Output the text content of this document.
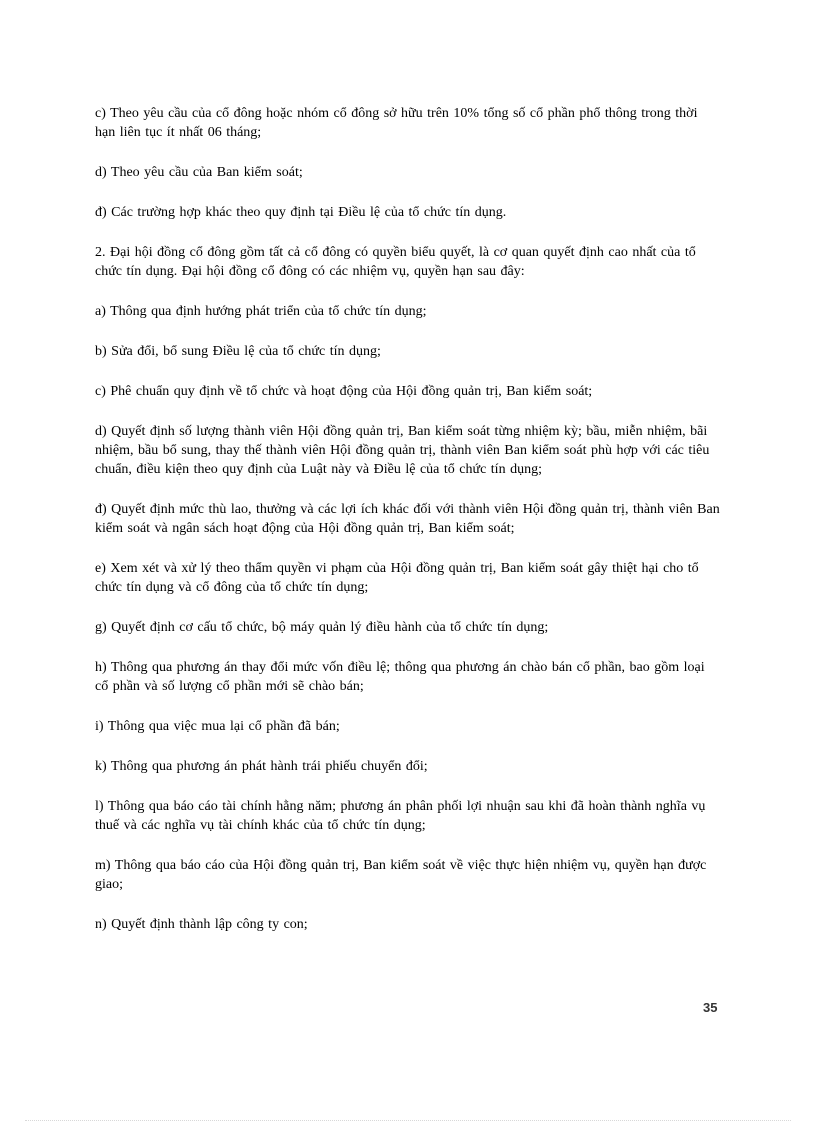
c) Theo yêu cầu của cổ đông hoặc nhóm cổ đông sở hữu trên 10% tổng số cổ phần phổ thông trong thời hạn liên tục ít nhất 06 tháng;

d) Theo yêu cầu của Ban kiểm soát;

đ) Các trường hợp khác theo quy định tại Điều lệ của tổ chức tín dụng.

2. Đại hội đồng cổ đông gồm tất cả cổ đông có quyền biểu quyết, là cơ quan quyết định cao nhất của tổ chức tín dụng. Đại hội đồng cổ đông có các nhiệm vụ, quyền hạn sau đây:

a) Thông qua định hướng phát triển của tổ chức tín dụng;

b) Sửa đổi, bổ sung Điều lệ của tổ chức tín dụng;

c) Phê chuẩn quy định về tổ chức và hoạt động của Hội đồng quản trị, Ban kiểm soát;

d) Quyết định số lượng thành viên Hội đồng quản trị, Ban kiểm soát từng nhiệm kỳ; bầu, miễn nhiệm, bãi nhiệm, bầu bổ sung, thay thế thành viên Hội đồng quản trị, thành viên Ban kiểm soát phù hợp với các tiêu chuẩn, điều kiện theo quy định của Luật này và Điều lệ của tổ chức tín dụng;

đ) Quyết định mức thù lao, thưởng và các lợi ích khác đối với thành viên Hội đồng quản trị, thành viên Ban kiểm soát và ngân sách hoạt động của Hội đồng quản trị, Ban kiểm soát;

e) Xem xét và xử lý theo thẩm quyền vi phạm của Hội đồng quản trị, Ban kiểm soát gây thiệt hại cho tổ chức tín dụng và cổ đông của tổ chức tín dụng;

g) Quyết định cơ cấu tổ chức, bộ máy quản lý điều hành của tổ chức tín dụng;

h) Thông qua phương án thay đổi mức vốn điều lệ; thông qua phương án chào bán cổ phần, bao gồm loại cổ phần và số lượng cổ phần mới sẽ chào bán;

i) Thông qua việc mua lại cổ phần đã bán;

k) Thông qua phương án phát hành trái phiếu chuyển đổi;

l) Thông qua báo cáo tài chính hằng năm; phương án phân phối lợi nhuận sau khi đã hoàn thành nghĩa vụ thuế và các nghĩa vụ tài chính khác của tổ chức tín dụng;

m) Thông qua báo cáo của Hội đồng quản trị, Ban kiểm soát về việc thực hiện nhiệm vụ, quyền hạn được giao;

n) Quyết định thành lập công ty con;

35
